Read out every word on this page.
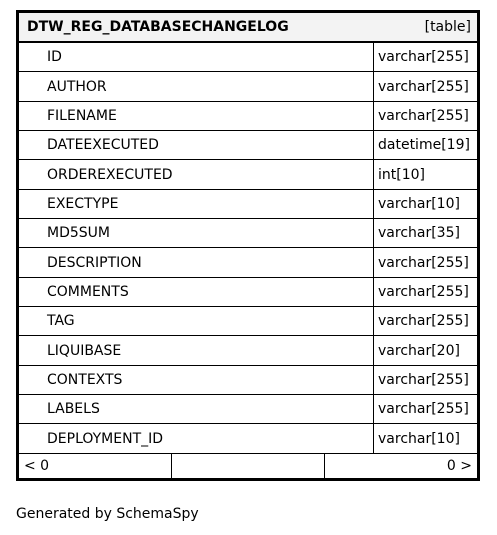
DTW_REG_DATABASECHANGELOG	[table]
ID	varchar[255]
AUTHOR	varchar[255]
FILENAME	varchar[255]
DATEEXECUTED	datetime[19]
ORDEREXECUTED	int[10]
EXECTYPE	varchar[10]
MD5SUM	varchar[35]
DESCRIPTION	varchar[255]
COMMENTS	varchar[255]
TAG	varchar[255]
LIQUIBASE	varchar[20]
CONTEXTS	varchar[255]
LABELS	varchar[255]
DEPLOYMENT_ID	varchar[10]
< 0	0 >
Generated by SchemaSpy
